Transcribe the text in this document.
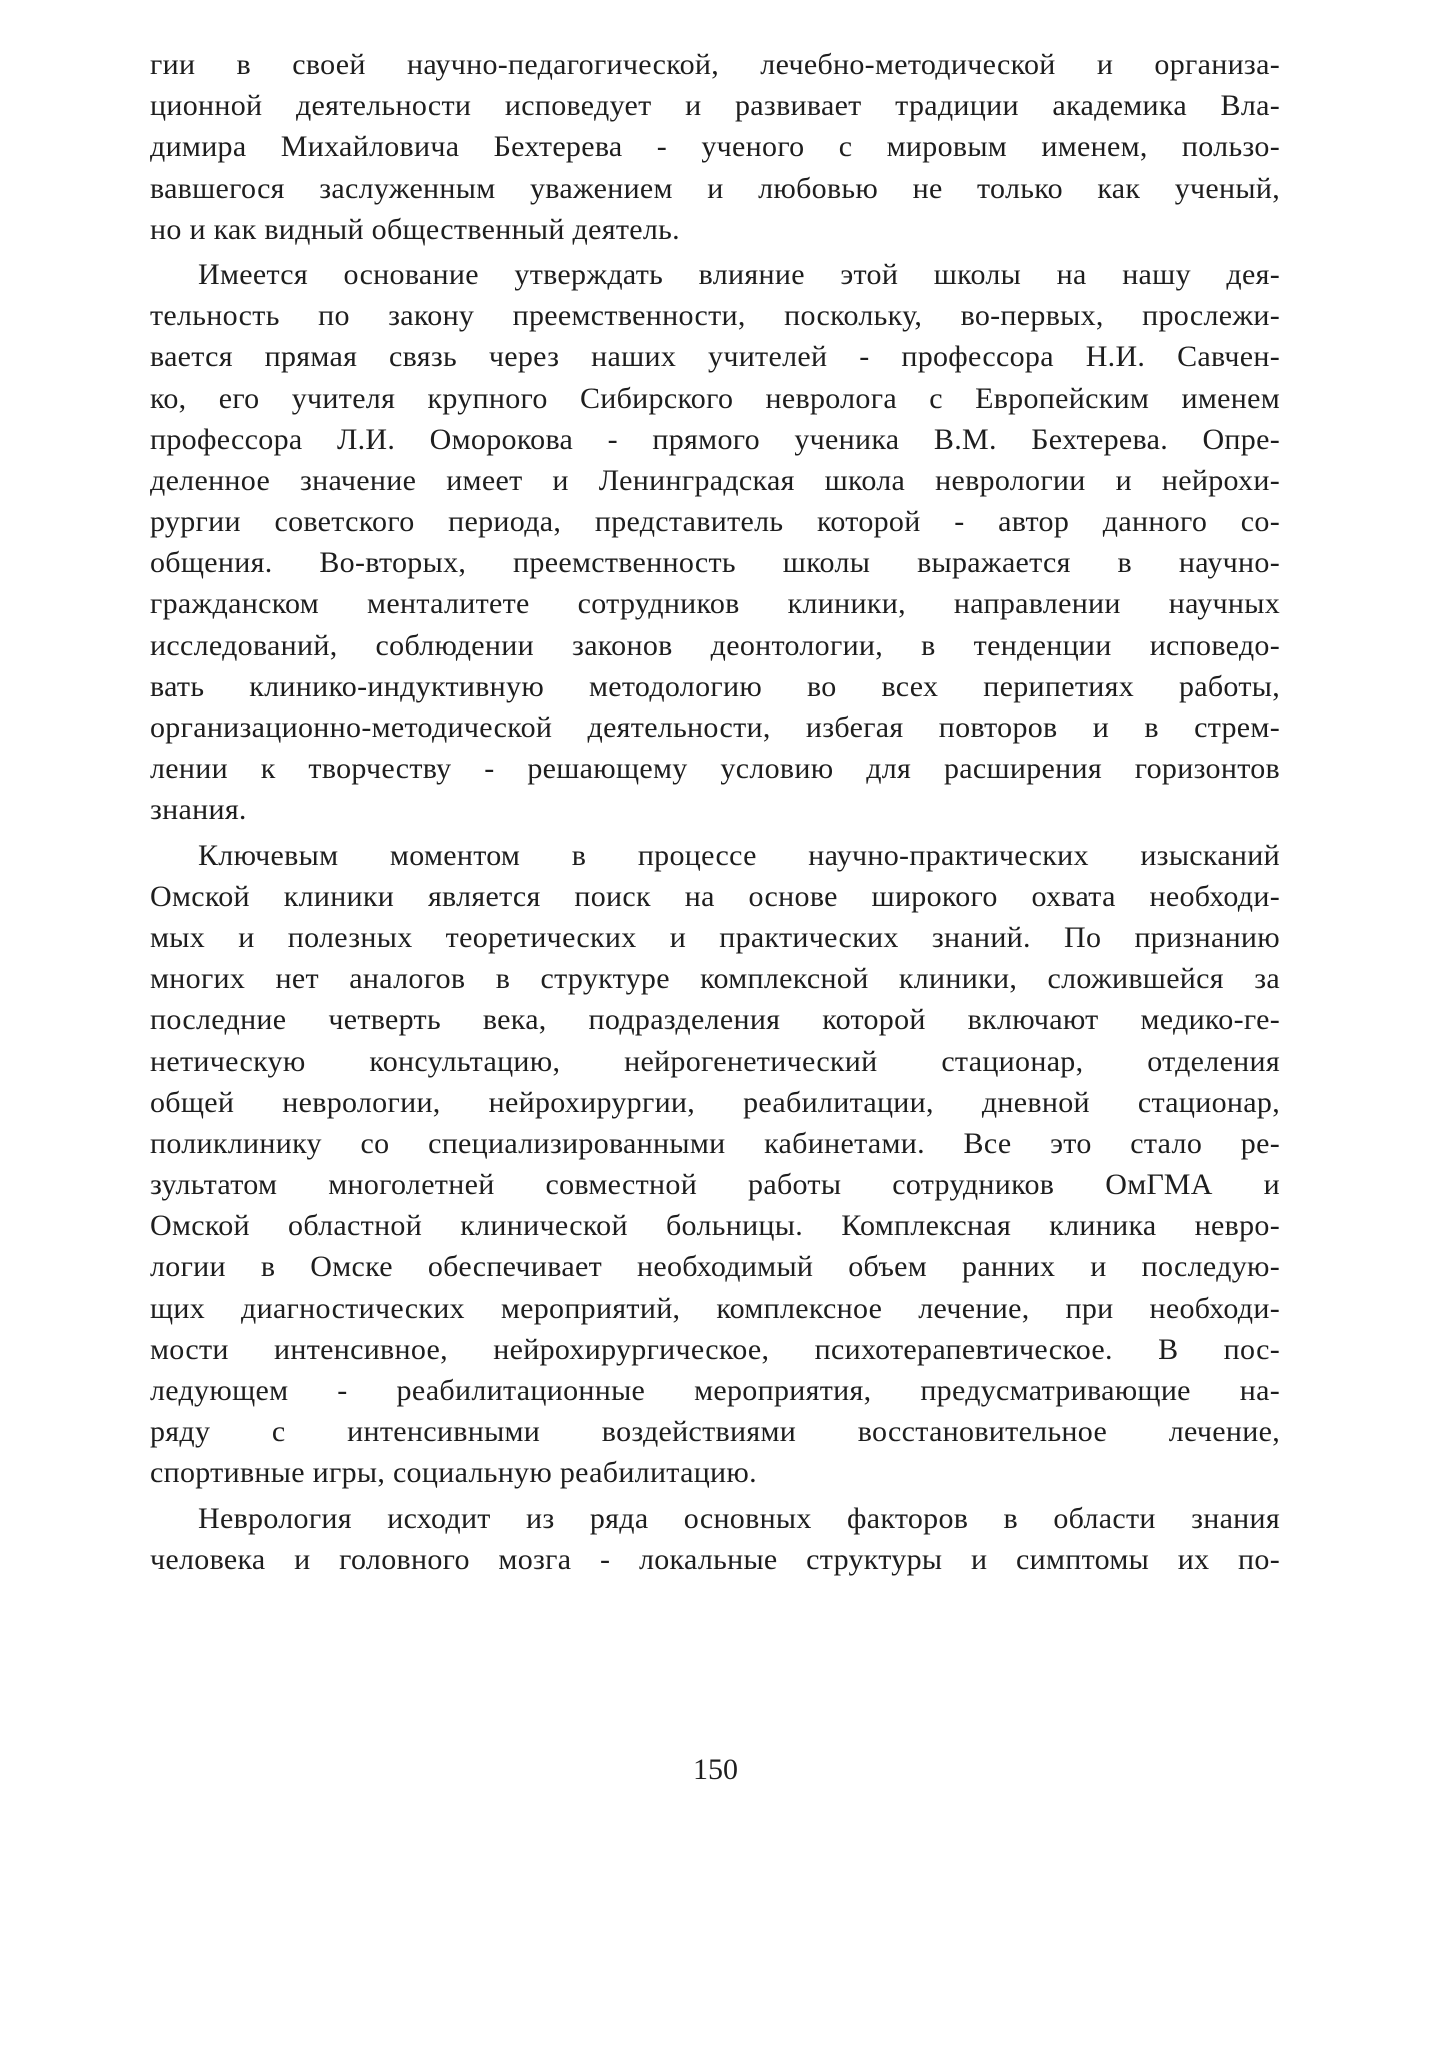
гии в своей научно-педагогической, лечебно-методической и организа-
ционной деятельности исповедует и развивает традиции академика Вла-
димира Михайловича Бехтерева - ученого с мировым именем, пользо-
вавшегося заслуженным уважением и любовью не только как ученый,
но и как видный общественный деятель.
Имеется основание утверждать влияние этой школы на нашу дея-
тельность по закону преемственности, поскольку, во-первых, прослежи-
вается прямая связь через наших учителей - профессора Н.И. Савчен-
ко, его учителя крупного Сибирского невролога с Европейским именем
профессора Л.И. Оморокова - прямого ученика В.М. Бехтерева. Опре-
деленное значение имеет и Ленинградская школа неврологии и нейрохи-
рургии советского периода, представитель которой - автор данного со-
общения. Во-вторых, преемственность школы выражается в научно-
гражданском менталитете сотрудников клиники, направлении научных
исследований, соблюдении законов деонтологии, в тенденции исповедо-
вать клинико-индуктивную методологию во всех перипетиях работы,
организационно-методической деятельности, избегая повторов и в стрем-
лении к творчеству - решающему условию для расширения горизонтов
знания.
Ключевым моментом в процессе научно-практических изысканий
Омской клиники является поиск на основе широкого охвата необходи-
мых и полезных теоретических и практических знаний. По признанию
многих нет аналогов в структуре комплексной клиники, сложившейся за
последние четверть века, подразделения которой включают медико-ге-
нетическую консультацию, нейрогенетический стационар, отделения
общей неврологии, нейрохирургии, реабилитации, дневной стационар,
поликлинику со специализированными кабинетами. Все это стало ре-
зультатом многолетней совместной работы сотрудников ОмГМА и
Омской областной клинической больницы. Комплексная клиника невро-
логии в Омске обеспечивает необходимый объем ранних и последую-
щих диагностических мероприятий, комплексное лечение, при необходи-
мости интенсивное, нейрохирургическое, психотерапевтическое. В пос-
ледующем - реабилитационные мероприятия, предусматривающие на-
ряду с интенсивными воздействиями восстановительное лечение,
спортивные игры, социальную реабилитацию.
Неврология исходит из ряда основных факторов в области знания
человека и головного мозга - локальные структуры и симптомы их по-
150
